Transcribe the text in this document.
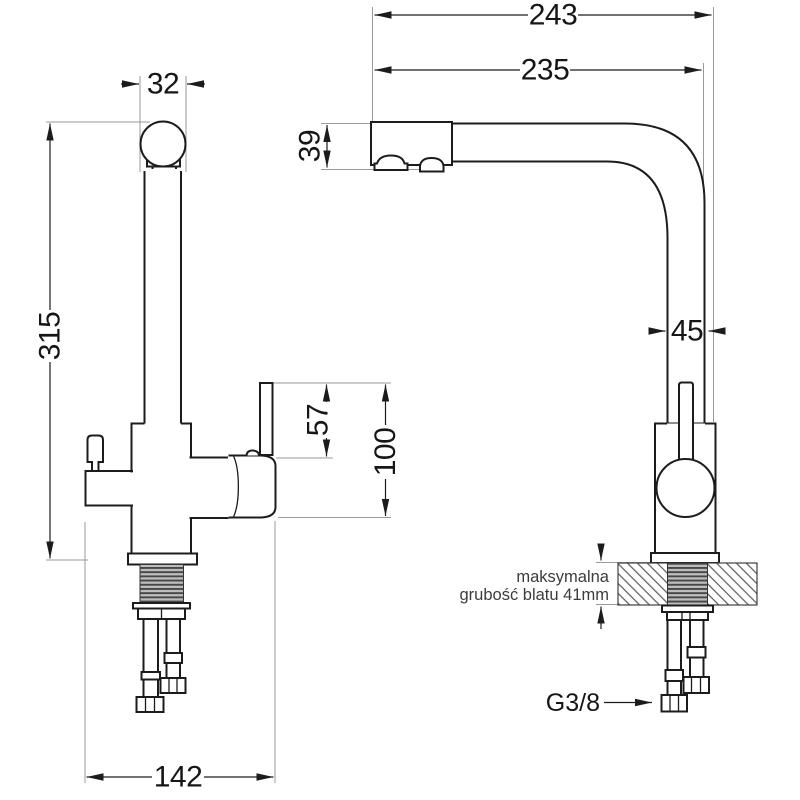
32
315
57
100
142
243
235
39
45
maksymalna
grubość blatu 41mm
G3/8
